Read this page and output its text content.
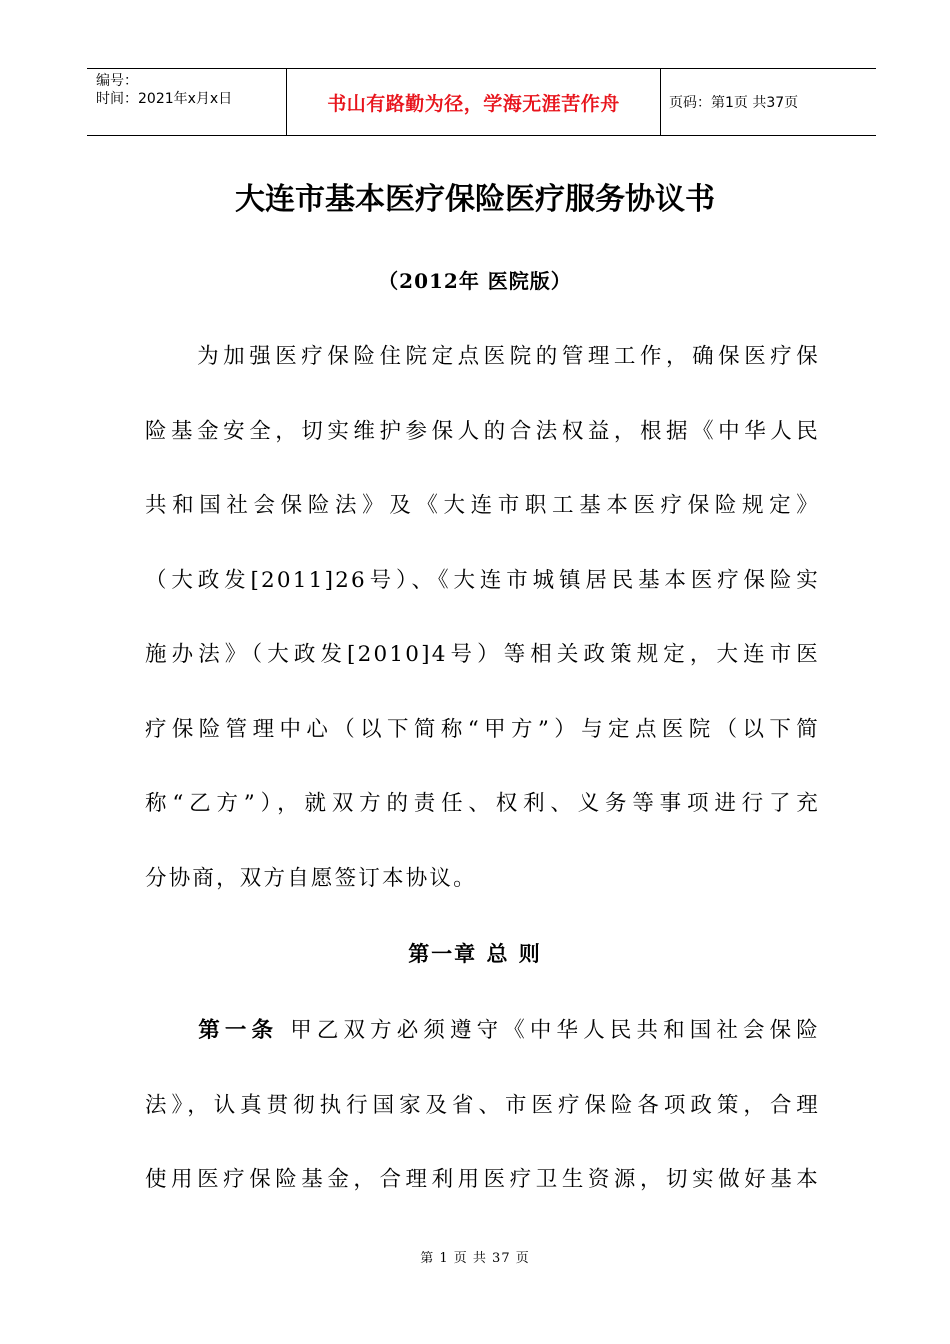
编号：
时间：2021年x月x日	书山有路勤为径，学海无涯苦作舟	页码：第1页 共37页
大连市基本医疗保险医疗服务协议书
（2012年 医院版）
　　为加强医疗保险住院定点医院的管理工作，确保医疗保
险基金安全，切实维护参保人的合法权益，根据《中华人民
共和国社会保险法》及《大连市职工基本医疗保险规定》
（大政发[2011]26号）、《大连市城镇居民基本医疗保险实
施办法》（大政发[2010]4号）等相关政策规定，大连市医
疗保险管理中心（以下简称“甲方”）与定点医院（以下简
称“乙方”），就双方的责任、权利、义务等事项进行了充
分协商，双方自愿签订本协议。
第一章 总 则
　　第一条 甲乙双方必须遵守《中华人民共和国社会保险
法》，认真贯彻执行国家及省、市医疗保险各项政策，合理
使用医疗保险基金，合理利用医疗卫生资源，切实做好基本
第 1 页 共 37 页
